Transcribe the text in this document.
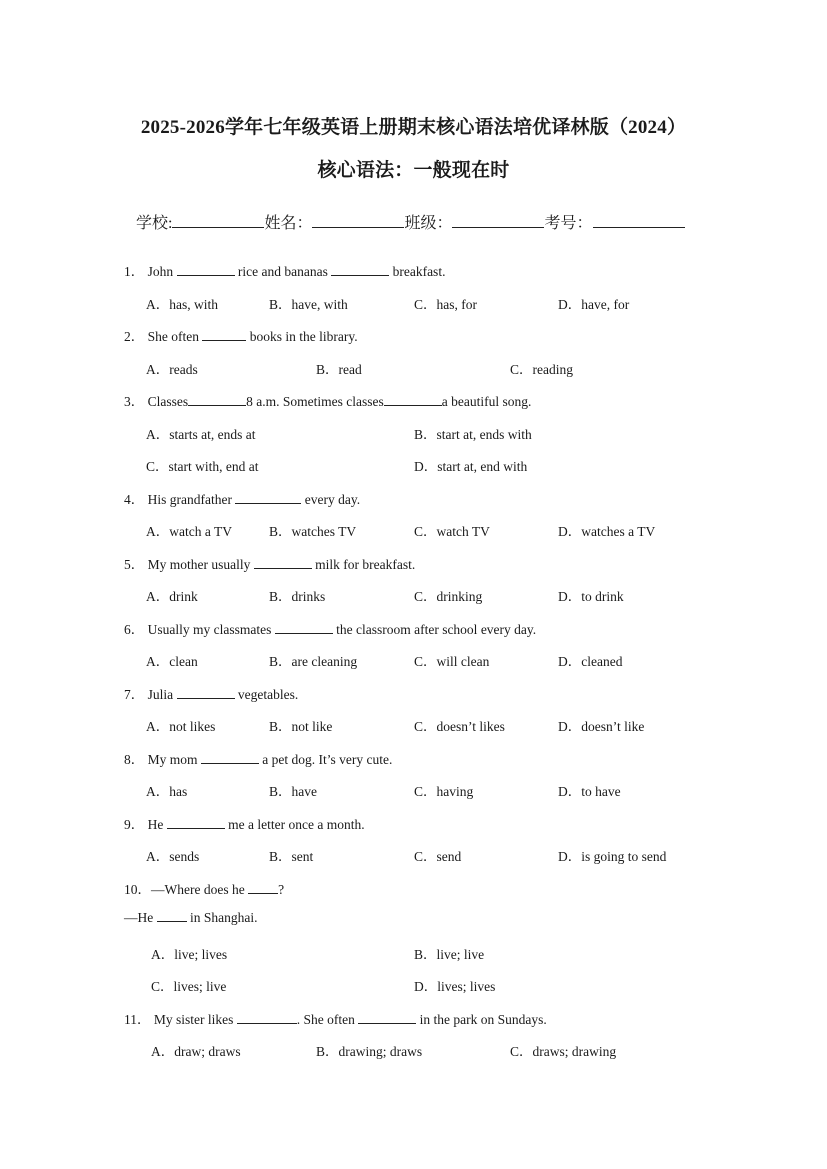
2025-2026学年七年级英语上册期末核心语法培优译林版（2024）
核心语法：一般现在时
学校:	姓名：	班级：	考号：
1． John	rice and bananas	breakfast.
A．has, with	B．have, with	C．has, for	D．have, for
2． She often	books in the library.
A．reads	B．read	C．reading
3． Classes	8 a.m. Sometimes classes	a beautiful song.
A．starts at, ends at	B．start at, ends with
C．start with, end at	D．start at, end with
4． His grandfather	every day.
A．watch a TV	B．watches TV	C．watch TV	D．watches a TV
5． My mother usually	milk for breakfast.
A．drink	B．drinks	C．drinking	D．to drink
6． Usually my classmates	the classroom after school every day.
A．clean	B．are cleaning	C．will clean	D．cleaned
7． Julia	vegetables.
A．not likes	B．not like	C．doesn’t likes	D．doesn’t like
8． My mom	a pet dog. It’s very cute.
A．has	B．have	C．having	D．to have
9． He	me a letter once a month.
A．sends	B．sent	C．send	D．is going to send
10．—Where does he ?
—He	in Shanghai.
A．live; lives	B．live; live
C．lives; live	D．lives; lives
11． My sister likes	. She often	in the park on Sundays.
A．draw; draws	B．drawing; draws	C．draws; drawing
